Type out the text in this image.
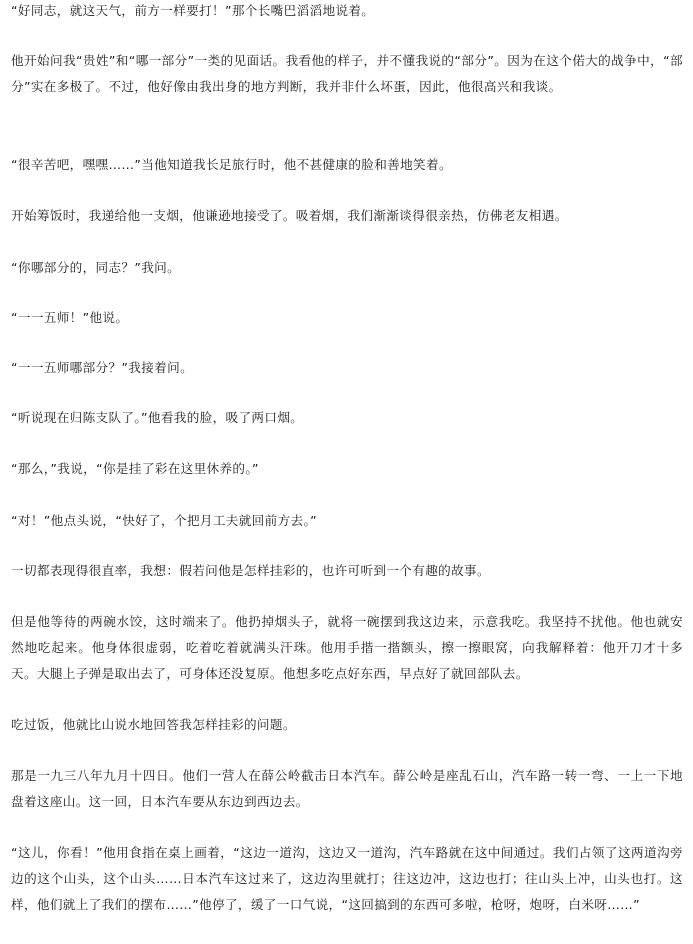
“好同志，就这天气，前方一样要打！”那个长嘴巴滔滔地说着。

他开始问我“贵姓”和“哪一部分”一类的见面话。我看他的样子，并不懂我说的“部分”。因为在这个偌大的战争中，“部分”实在多极了。不过，他好像由我出身的地方判断，我并非什么坏蛋，因此，他很高兴和我谈。

“很辛苦吧，嘿嘿……”当他知道我长足旅行时，他不甚健康的脸和善地笑着。

开始筹饭时，我递给他一支烟，他谦逊地接受了。吸着烟，我们渐渐谈得很亲热，仿佛老友相遇。

“你哪部分的，同志？”我问。

“一一五师！”他说。

“一一五师哪部分？”我接着问。

“听说现在归陈支队了。”他看我的脸，吸了两口烟。

“那么，”我说，“你是挂了彩在这里休养的。”

“对！”他点头说，“快好了，个把月工夫就回前方去。”

一切都表现得很直率，我想：假若问他是怎样挂彩的，也许可听到一个有趣的故事。

但是他等待的两碗水饺，这时端来了。他扔掉烟头子，就将一碗摆到我这边来，示意我吃。我坚持不扰他。他也就安然地吃起来。他身体很虚弱，吃着吃着就满头汗珠。他用手揩一揩额头，擦一擦眼窝，向我解释着：他开刀才十多天。大腿上子弹是取出去了，可身体还没复原。他想多吃点好东西，早点好了就回部队去。

吃过饭，他就比山说水地回答我怎样挂彩的问题。

那是一九三八年九月十四日。他们一营人在薛公岭截击日本汽车。薛公岭是座乱石山，汽车路一转一弯、一上一下地盘着这座山。这一回，日本汽车要从东边到西边去。

“这儿，你看！”他用食指在桌上画着，“这边一道沟，这边又一道沟，汽车路就在这中间通过。我们占领了这两道沟旁边的这个山头，这个山头……日本汽车这过来了，这边沟里就打；往这边冲，这边也打；往山头上冲，山头也打。这样，他们就上了我们的摆布……”他停了，缓了一口气说，“这回搞到的东西可多啦，枪呀，炮呀，白米呀……”
